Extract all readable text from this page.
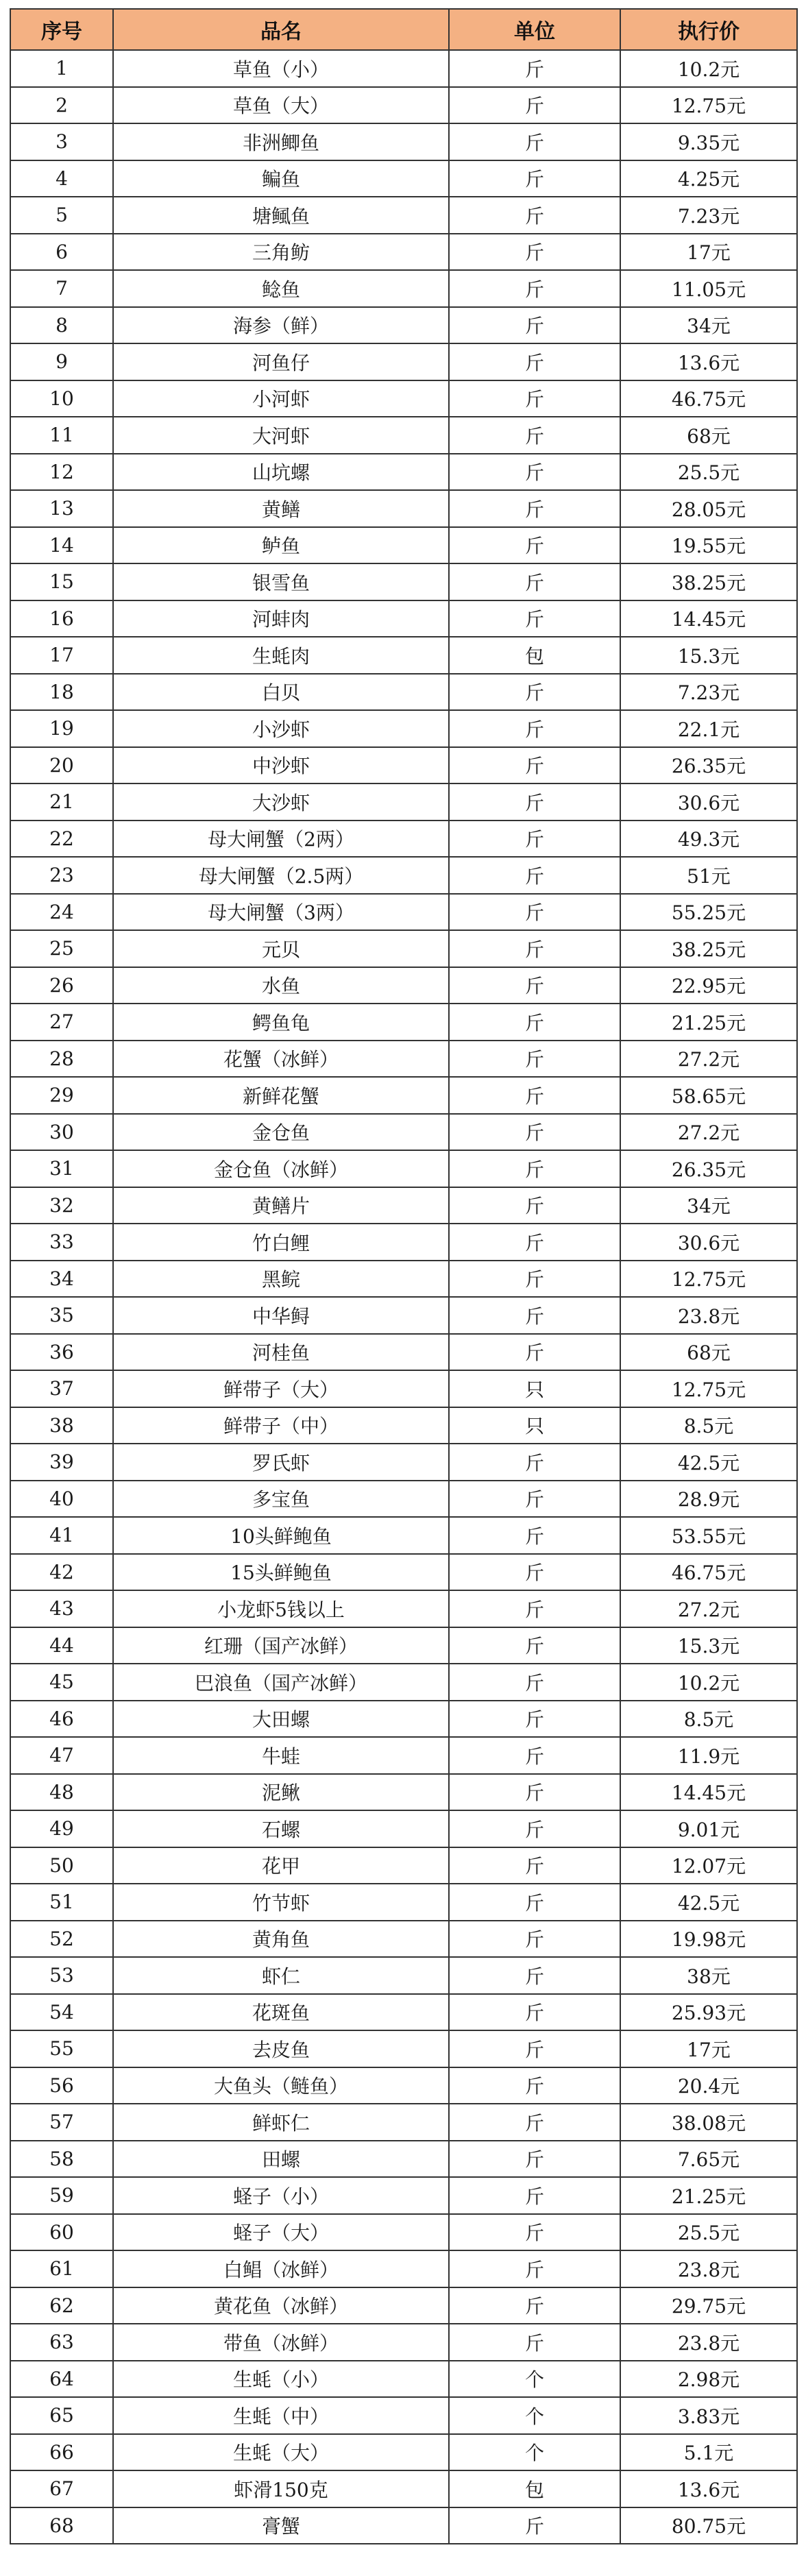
序号	品名	单位	执行价
1	草鱼（小）	斤	10.2元
2	草鱼（大）	斤	12.75元
3	非洲鲫鱼	斤	9.35元
4	鳊鱼	斤	4.25元
5	塘鲺鱼	斤	7.23元
6	三角鲂	斤	17元
7	鲶鱼	斤	11.05元
8	海参（鲜）	斤	34元
9	河鱼仔	斤	13.6元
10	小河虾	斤	46.75元
11	大河虾	斤	68元
12	山坑螺	斤	25.5元
13	黄鳝	斤	28.05元
14	鲈鱼	斤	19.55元
15	银雪鱼	斤	38.25元
16	河蚌肉	斤	14.45元
17	生蚝肉	包	15.3元
18	白贝	斤	7.23元
19	小沙虾	斤	22.1元
20	中沙虾	斤	26.35元
21	大沙虾	斤	30.6元
22	母大闸蟹（2两）	斤	49.3元
23	母大闸蟹（2.5两）	斤	51元
24	母大闸蟹（3两）	斤	55.25元
25	元贝	斤	38.25元
26	水鱼	斤	22.95元
27	鳄鱼龟	斤	21.25元
28	花蟹（冰鲜）	斤	27.2元
29	新鲜花蟹	斤	58.65元
30	金仓鱼	斤	27.2元
31	金仓鱼（冰鲜）	斤	26.35元
32	黄鳝片	斤	34元
33	竹白鲤	斤	30.6元
34	黑鲩	斤	12.75元
35	中华鲟	斤	23.8元
36	河桂鱼	斤	68元
37	鲜带子（大）	只	12.75元
38	鲜带子（中）	只	8.5元
39	罗氏虾	斤	42.5元
40	多宝鱼	斤	28.9元
41	10头鲜鲍鱼	斤	53.55元
42	15头鲜鲍鱼	斤	46.75元
43	小龙虾5钱以上	斤	27.2元
44	红珊（国产冰鲜）	斤	15.3元
45	巴浪鱼（国产冰鲜）	斤	10.2元
46	大田螺	斤	8.5元
47	牛蛙	斤	11.9元
48	泥鳅	斤	14.45元
49	石螺	斤	9.01元
50	花甲	斤	12.07元
51	竹节虾	斤	42.5元
52	黄角鱼	斤	19.98元
53	虾仁	斤	38元
54	花斑鱼	斤	25.93元
55	去皮鱼	斤	17元
56	大鱼头（鲢鱼）	斤	20.4元
57	鲜虾仁	斤	38.08元
58	田螺	斤	7.65元
59	蛏子（小）	斤	21.25元
60	蛏子（大）	斤	25.5元
61	白鲳（冰鲜）	斤	23.8元
62	黄花鱼（冰鲜）	斤	29.75元
63	带鱼（冰鲜）	斤	23.8元
64	生蚝（小）	个	2.98元
65	生蚝（中）	个	3.83元
66	生蚝（大）	个	5.1元
67	虾滑150克	包	13.6元
68	膏蟹	斤	80.75元
